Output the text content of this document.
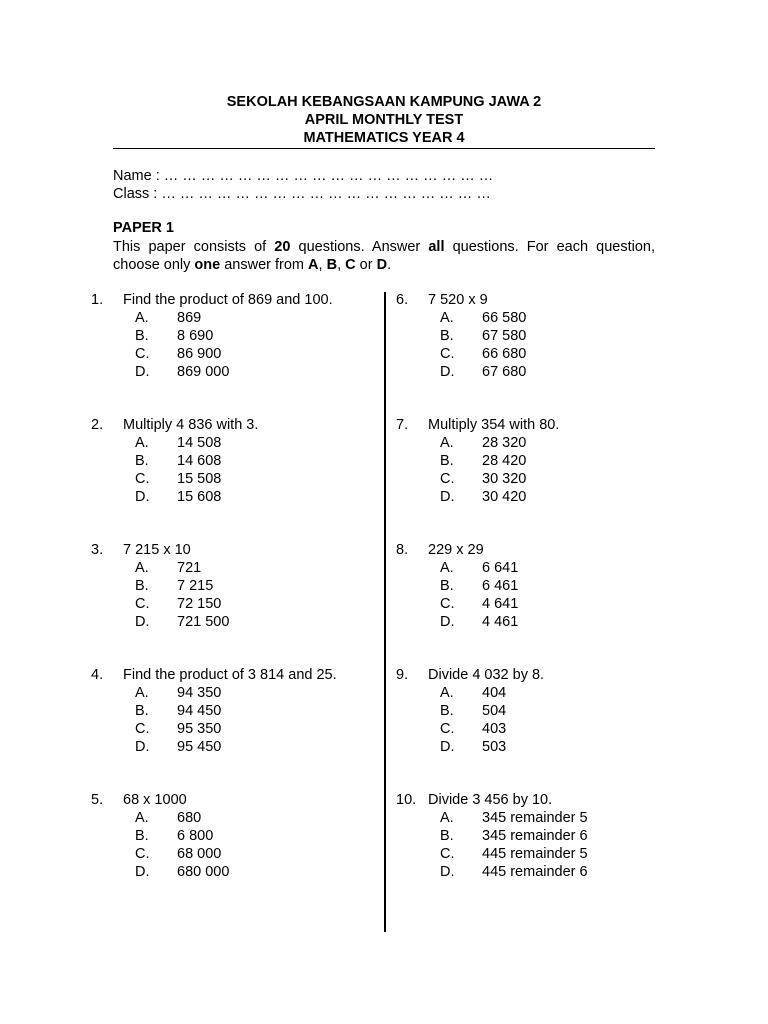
SEKOLAH KEBANGSAAN KAMPUNG JAWA 2
APRIL MONTHLY TEST
MATHEMATICS YEAR 4
Name : … … … … … … … … … … … … … … … … … …
Class : … … … … … … … … … … … … … … … … … …
PAPER 1
This paper consists of 20 questions. Answer all questions. For each question, choose only one answer from A, B, C or D.
1. Find the product of 869 and 100.
A. 869
B. 8 690
C. 86 900
D. 869 000
2. Multiply 4 836 with 3.
A. 14 508
B. 14 608
C. 15 508
D. 15 608
3. 7 215 x 10
A. 721
B. 7 215
C. 72 150
D. 721 500
4. Find the product of 3 814 and 25.
A. 94 350
B. 94 450
C. 95 350
D. 95 450
5. 68 x 1000
A. 680
B. 6 800
C. 68 000
D. 680 000
6. 7 520 x 9
A. 66 580
B. 67 580
C. 66 680
D. 67 680
7. Multiply 354 with 80.
A. 28 320
B. 28 420
C. 30 320
D. 30 420
8. 229 x 29
A. 6 641
B. 6 461
C. 4 641
D. 4 461
9. Divide 4 032 by 8.
A. 404
B. 504
C. 403
D. 503
10. Divide 3 456 by 10.
A. 345 remainder 5
B. 345 remainder 6
C. 445 remainder 5
D. 445 remainder 6
